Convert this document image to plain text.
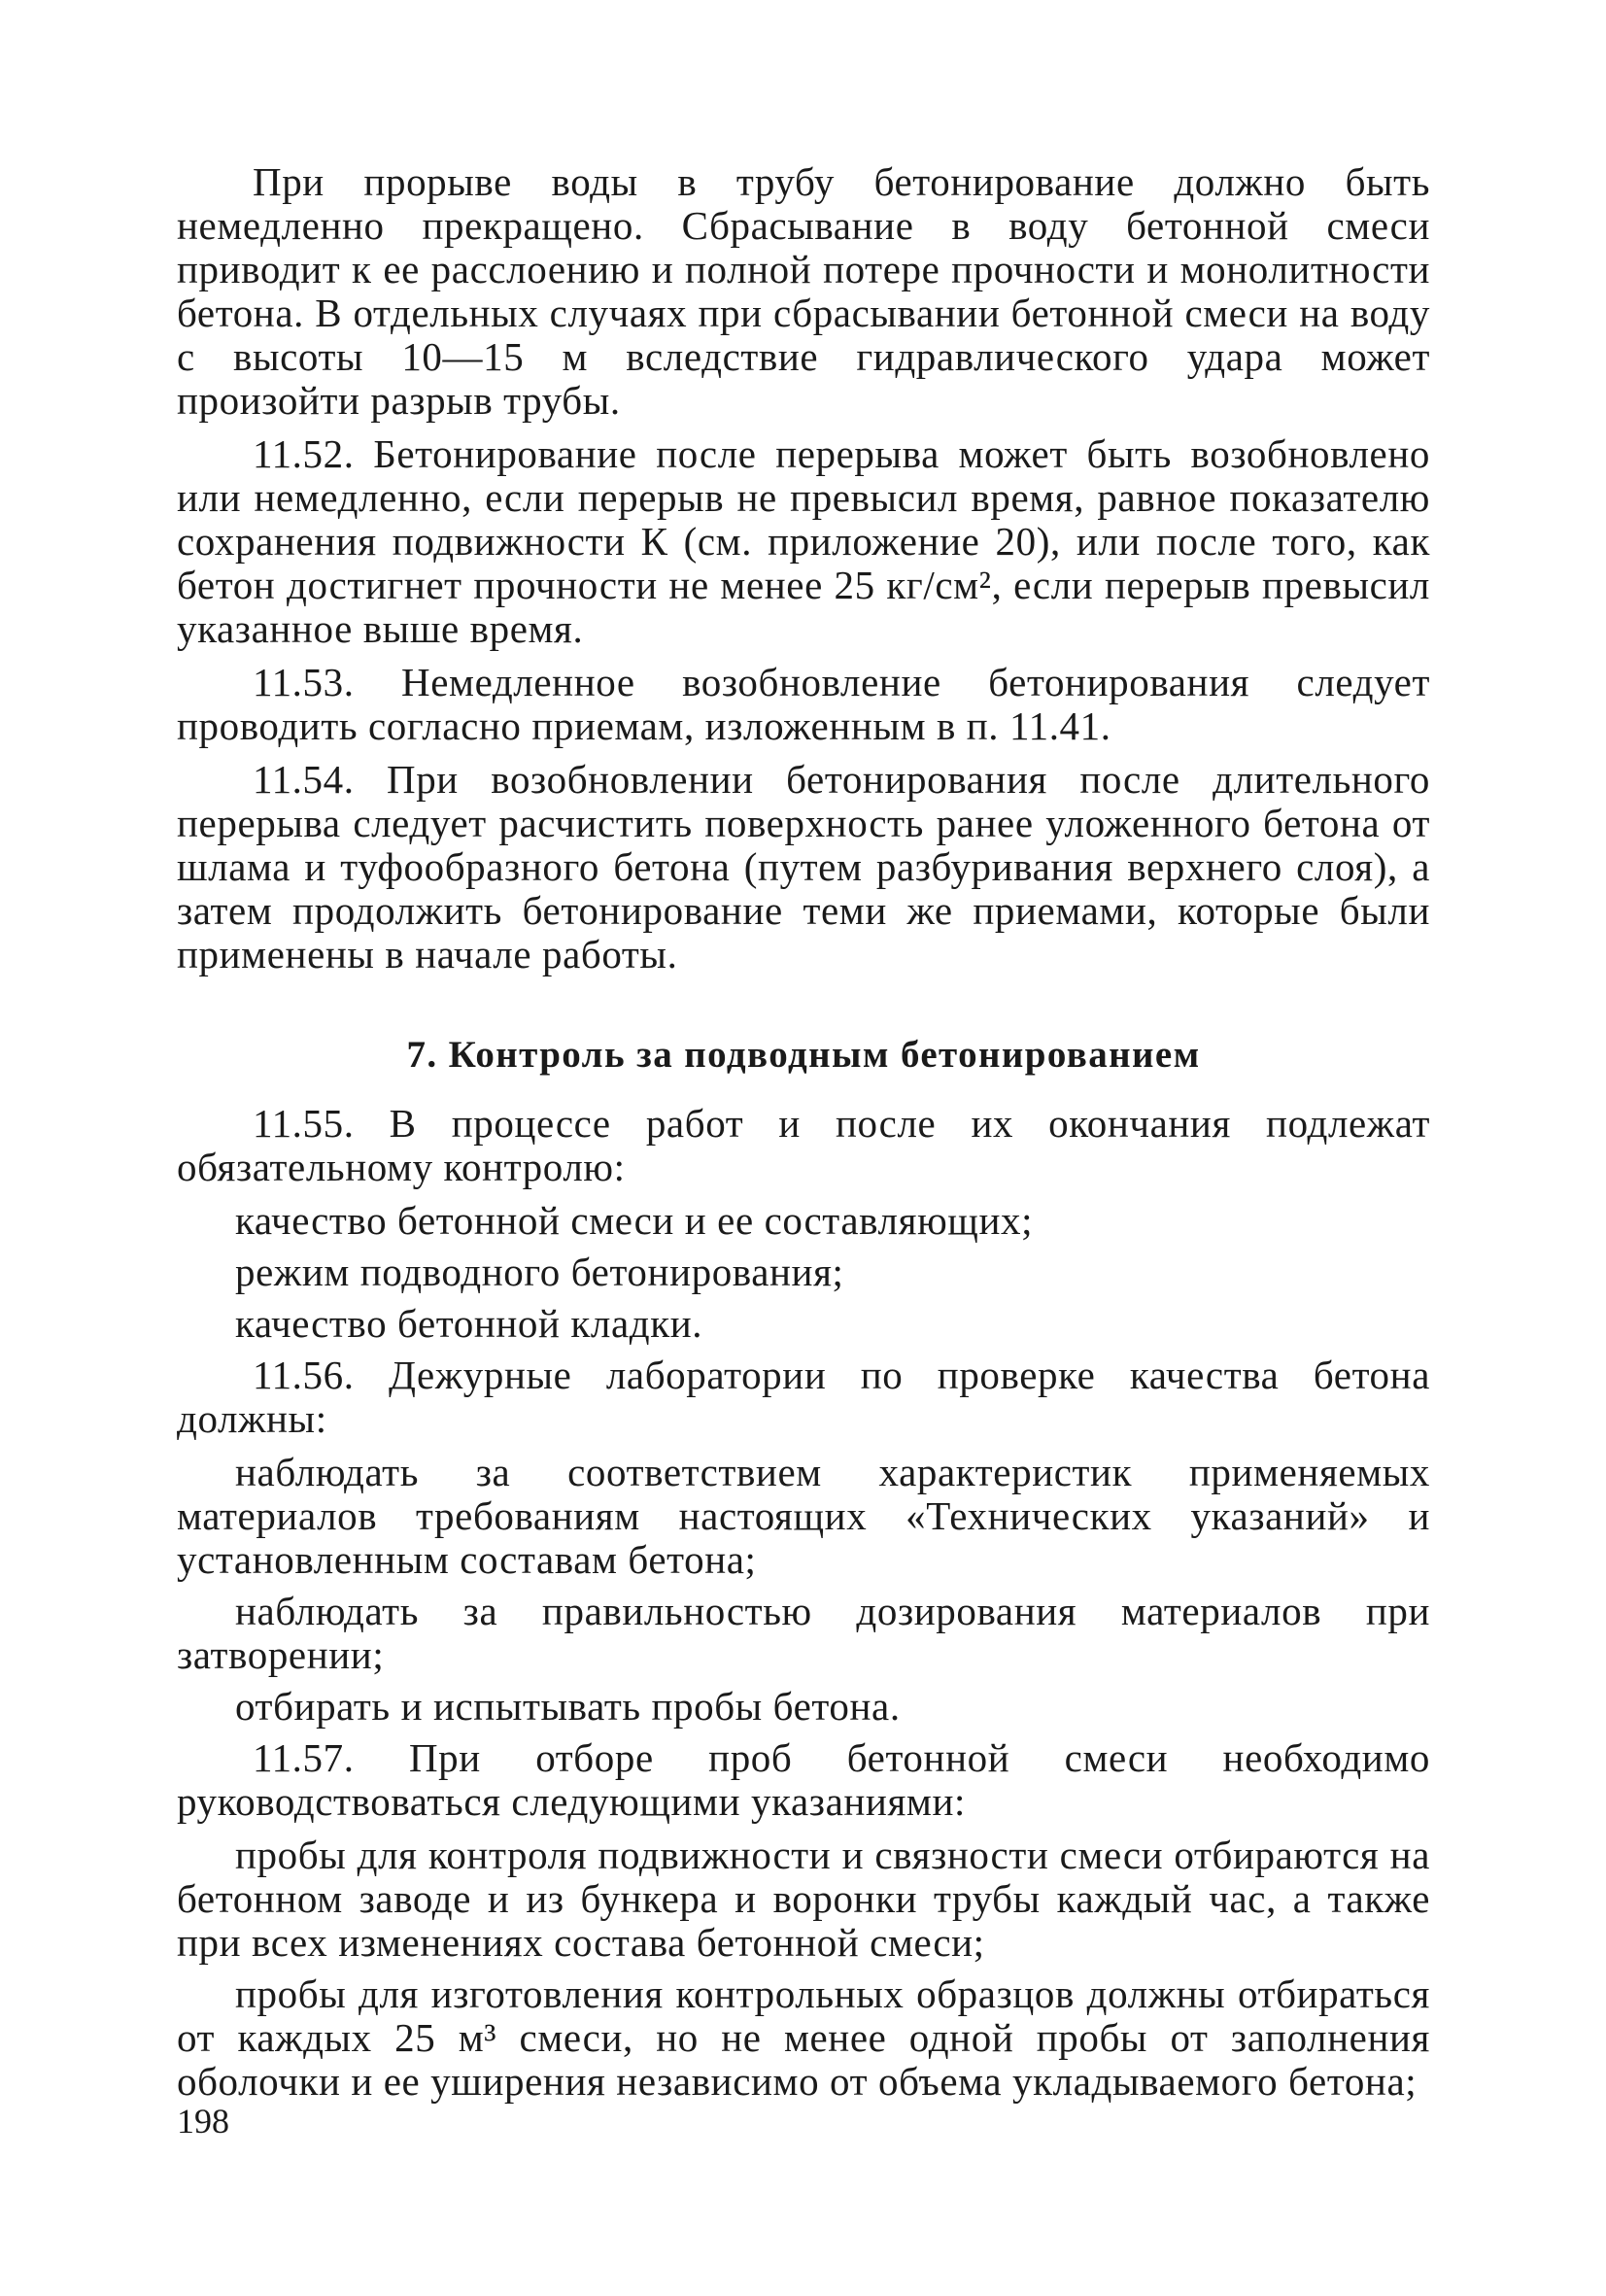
При прорыве воды в трубу бетонирование должно быть немедленно прекращено. Сбрасывание в воду бетонной смеси приводит к ее расслоению и полной потере прочности и монолитности бетона. В отдельных случаях при сбрасывании бетонной смеси на воду с высоты 10—15 м вследствие гидравлического удара может произойти разрыв трубы.

11.52. Бетонирование после перерыва может быть возобновлено или немедленно, если перерыв не превысил время, равное показателю сохранения подвижности К (см. приложение 20), или после того, как бетон достигнет прочности не менее 25 кг/см², если перерыв превысил указанное выше время.

11.53. Немедленное возобновление бетонирования следует проводить согласно приемам, изложенным в п. 11.41.

11.54. При возобновлении бетонирования после длительного перерыва следует расчистить поверхность ранее уложенного бетона от шлама и туфообразного бетона (путем разбуривания верхнего слоя), а затем продолжить бетонирование теми же приемами, которые были применены в начале работы.

7. Контроль за подводным бетонированием

11.55. В процессе работ и после их окончания подлежат обязательному контролю:

качество бетонной смеси и ее составляющих;

режим подводного бетонирования;

качество бетонной кладки.

11.56. Дежурные лаборатории по проверке качества бетона должны:

наблюдать за соответствием характеристик применяемых материалов требованиям настоящих «Технических указаний» и установленным составам бетона;

наблюдать за правильностью дозирования материалов при затворении;

отбирать и испытывать пробы бетона.

11.57. При отборе проб бетонной смеси необходимо руководствоваться следующими указаниями:

пробы для контроля подвижности и связности смеси отбираются на бетонном заводе и из бункера и воронки трубы каждый час, а также при всех изменениях состава бетонной смеси;

пробы для изготовления контрольных образцов должны отбираться от каждых 25 м³ смеси, но не менее одной пробы от заполнения оболочки и ее уширения независимо от объема укладываемого бетона;

198
